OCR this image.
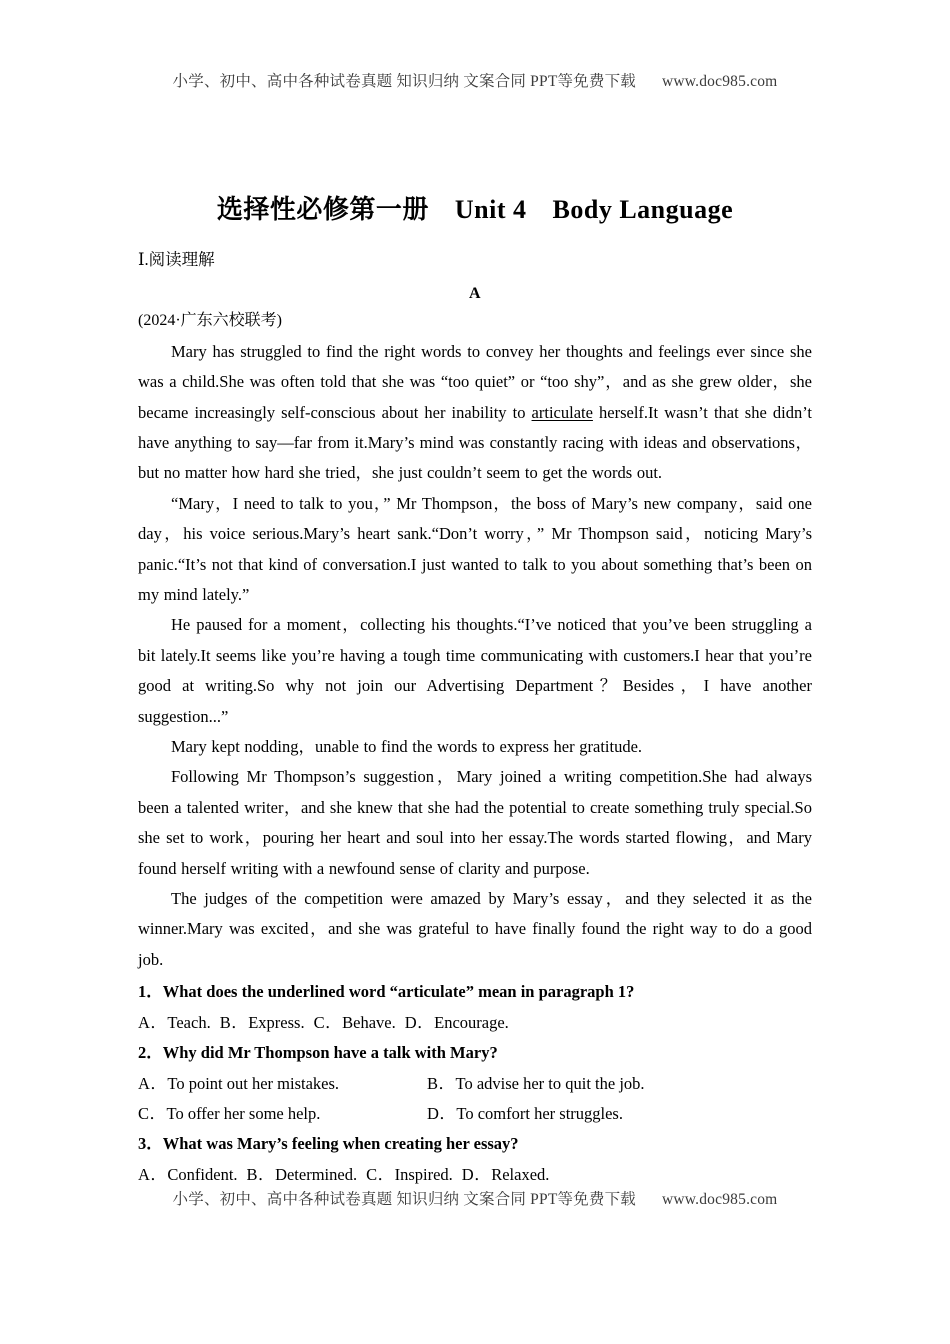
小学、初中、高中各种试卷真题 知识归纳 文案合同 PPT等免费下载 www.doc985.com
选择性必修第一册 Unit 4 Body Language
Ⅰ.阅读理解
A
(2024·广东六校联考)

Mary has struggled to find the right words to convey her thoughts and feelings ever since she was a child.She was often told that she was “too quiet” or “too shy”，and as she grew older，she became increasingly self-conscious about her inability to articulate herself.It wasn’t that she didn’t have anything to say—far from it.Mary’s mind was constantly racing with ideas and observations，but no matter how hard she tried，she just couldn’t seem to get the words out.

“Mary，I need to talk to you，” Mr Thompson，the boss of Mary’s new company，said one day，his voice serious.Mary’s heart sank.“Don’t worry，” Mr Thompson said，noticing Mary’s panic.“It’s not that kind of conversation.I just wanted to talk to you about something that’s been on my mind lately.”

He paused for a moment，collecting his thoughts.“I’ve noticed that you’ve been struggling a bit lately.It seems like you’re having a tough time communicating with customers.I hear that you’re good at writing.So why not join our Advertising Department？Besides，I have another suggestion...”

Mary kept nodding，unable to find the words to express her gratitude.

Following Mr Thompson’s suggestion，Mary joined a writing competition.She had always been a talented writer，and she knew that she had the potential to create something truly special.So she set to work，pouring her heart and soul into her essay.The words started flowing，and Mary found herself writing with a newfound sense of clarity and purpose.

The judges of the competition were amazed by Mary’s essay，and they selected it as the winner.Mary was excited，and she was grateful to have finally found the right way to do a good job.

1．What does the underlined word “articulate” mean in paragraph 1?
A．Teach. B．Express. C．Behave. D．Encourage.
2．Why did Mr Thompson have a talk with Mary?
A．To point out her mistakes.	B．To advise her to quit the job.
C．To offer her some help.	D．To comfort her struggles.
3．What was Mary’s feeling when creating her essay?
A．Confident. B．Determined. C．Inspired. D．Relaxed.
小学、初中、高中各种试卷真题 知识归纳 文案合同 PPT等免费下载 www.doc985.com
